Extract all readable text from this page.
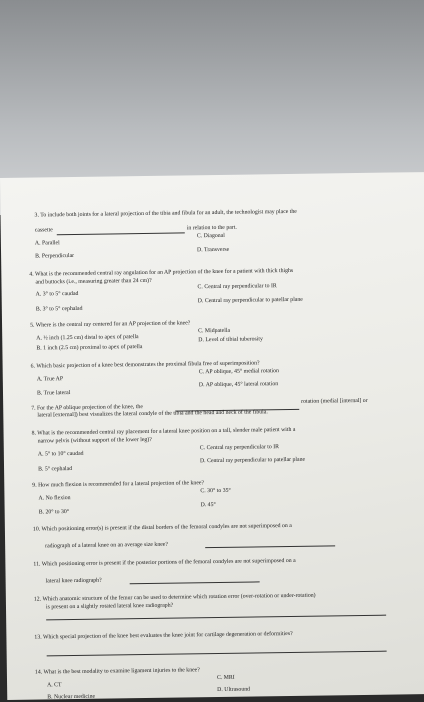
3. To include both joints for a lateral projection of the tibia and fibula for an adult, the technologist may place the
cassette	in relation to the part.
A. Parallel
C. Diagonal
B. Perpendicular
D. Transverse
4. What is the recommended central ray angulation for an AP projection of the knee for a patient with thick thighs
and buttocks (i.e., measuring greater than 24 cm)?
A. 3° to 5° caudad
C. Central ray perpendicular to IR
B. 3° to 5° cephalad
D. Central ray perpendicular to patellar plane
5. Where is the central ray centered for an AP projection of the knee?
A. ½ inch (1.25 cm) distal to apex of patella
C. Midpatella
B. 1 inch (2.5 cm) proximal to apex of patella
D. Level of tibial tuberosity
6. Which basic projection of a knee best demonstrates the proximal fibula free of superimposition?
A. True AP
C. AP oblique, 45° medial rotation
B. True lateral
D. AP oblique, 45° lateral rotation
7. For the AP oblique projection of the knee, the
rotation (medial [internal] or
lateral [external]) best visualizes the lateral condyle of the tibia and the head and neck of the fibula.
8. What is the recommended central ray placement for a lateral knee position on a tall, slender male patient with a
narrow pelvis (without support of the lower leg)?
A. 5° to 10° caudad
C. Central ray perpendicular to IR
B. 5° cephalad
D. Central ray perpendicular to patellar plane
9. How much flexion is recommended for a lateral projection of the knee?
A. No flexion
C. 30° to 35°
B. 20° to 30°
D. 45°
10. Which positioning error(s) is present if the distal borders of the femoral condyles are not superimposed on a
radiograph of a lateral knee on an average size knee?
11. Which positioning error is present if the posterior portions of the femoral condyles are not superimposed on a
lateral knee radiograph?
12. Which anatomic structure of the femur can be used to determine which rotation error (over-rotation or under-rotation)
is present on a slightly rotated lateral knee radiograph?
13. Which special projection of the knee best evaluates the knee joint for cartilage degeneration or deformities?
14. What is the best modality to examine ligament injuries to the knee?
A. CT
C. MRI
B. Nuclear medicine
D. Ultrasound
